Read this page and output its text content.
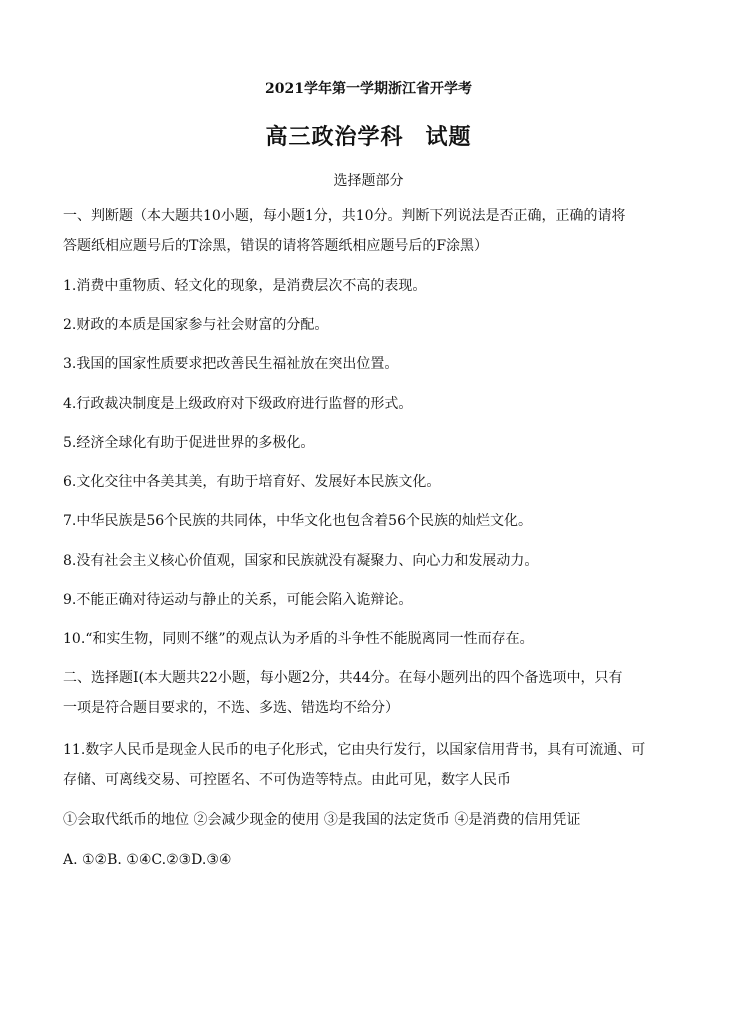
2021学年第一学期浙江省开学考
高三政治学科 试题
选择题部分
一、判断题（本大题共10小题，每小题1分，共10分。判断下列说法是否正确，正确的请将
答题纸相应题号后的T涂黑，错误的请将答题纸相应题号后的F涂黑）
1.消费中重物质、轻文化的现象，是消费层次不高的表现。
2.财政的本质是国家参与社会财富的分配。
3.我国的国家性质要求把改善民生福祉放在突出位置。
4.行政裁决制度是上级政府对下级政府进行监督的形式。
5.经济全球化有助于促进世界的多极化。
6.文化交往中各美其美，有助于培育好、发展好本民族文化。
7.中华民族是56个民族的共同体，中华文化也包含着56个民族的灿烂文化。
8.没有社会主义核心价值观，国家和民族就没有凝聚力、向心力和发展动力。
9.不能正确对待运动与静止的关系，可能会陷入诡辩论。
10.“和实生物，同则不继”的观点认为矛盾的斗争性不能脱离同一性而存在。
二、选择题I(本大题共22小题，每小题2分，共44分。在每小题列出的四个备选项中，只有
一项是符合题目要求的，不选、多选、错选均不给分）
11.数字人民币是现金人民币的电子化形式，它由央行发行，以国家信用背书，具有可流通、可
存储、可离线交易、可控匿名、不可伪造等特点。由此可见，数字人民币
①会取代纸币的地位 ②会减少现金的使用 ③是我国的法定货币 ④是消费的信用凭证
A. ①②B. ①④C.②③D.③④
